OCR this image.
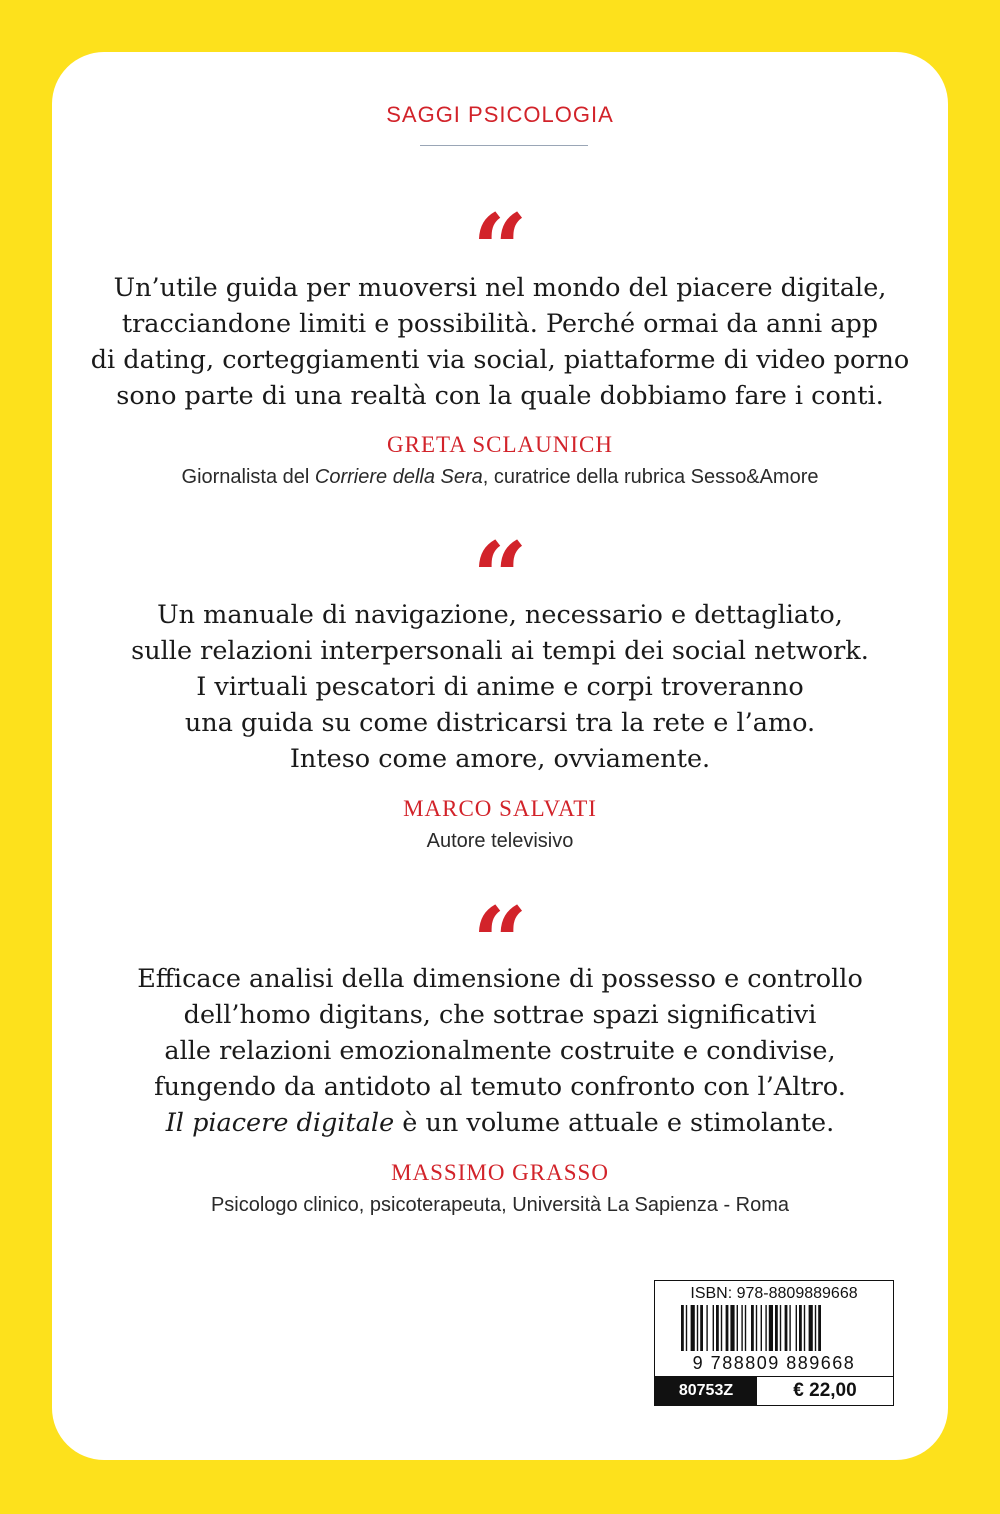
SAGGI PSICOLOGIA
“
Un’utile guida per muoversi nel mondo del piacere digitale,
tracciandone limiti e possibilità. Perché ormai da anni app
di dating, corteggiamenti via social, piattaforme di video porno
sono parte di una realtà con la quale dobbiamo fare i conti.
GRETA SCLAUNICH
Giornalista del Corriere della Sera, curatrice della rubrica Sesso&Amore
“
Un manuale di navigazione, necessario e dettagliato,
sulle relazioni interpersonali ai tempi dei social network.
I virtuali pescatori di anime e corpi troveranno
una guida su come districarsi tra la rete e l’amo.
Inteso come amore, ovviamente.
MARCO SALVATI
Autore televisivo
“
Efficace analisi della dimensione di possesso e controllo
dell’homo digitans, che sottrae spazi significativi
alle relazioni emozionalmente costruite e condivise,
fungendo da antidoto al temuto confronto con l’Altro.
Il piacere digitale è un volume attuale e stimolante.
MASSIMO GRASSO
Psicologo clinico, psicoterapeuta, Università La Sapienza - Roma
ISBN: 978-8809889668
9 788809 889668
80753Z	€ 22,00
